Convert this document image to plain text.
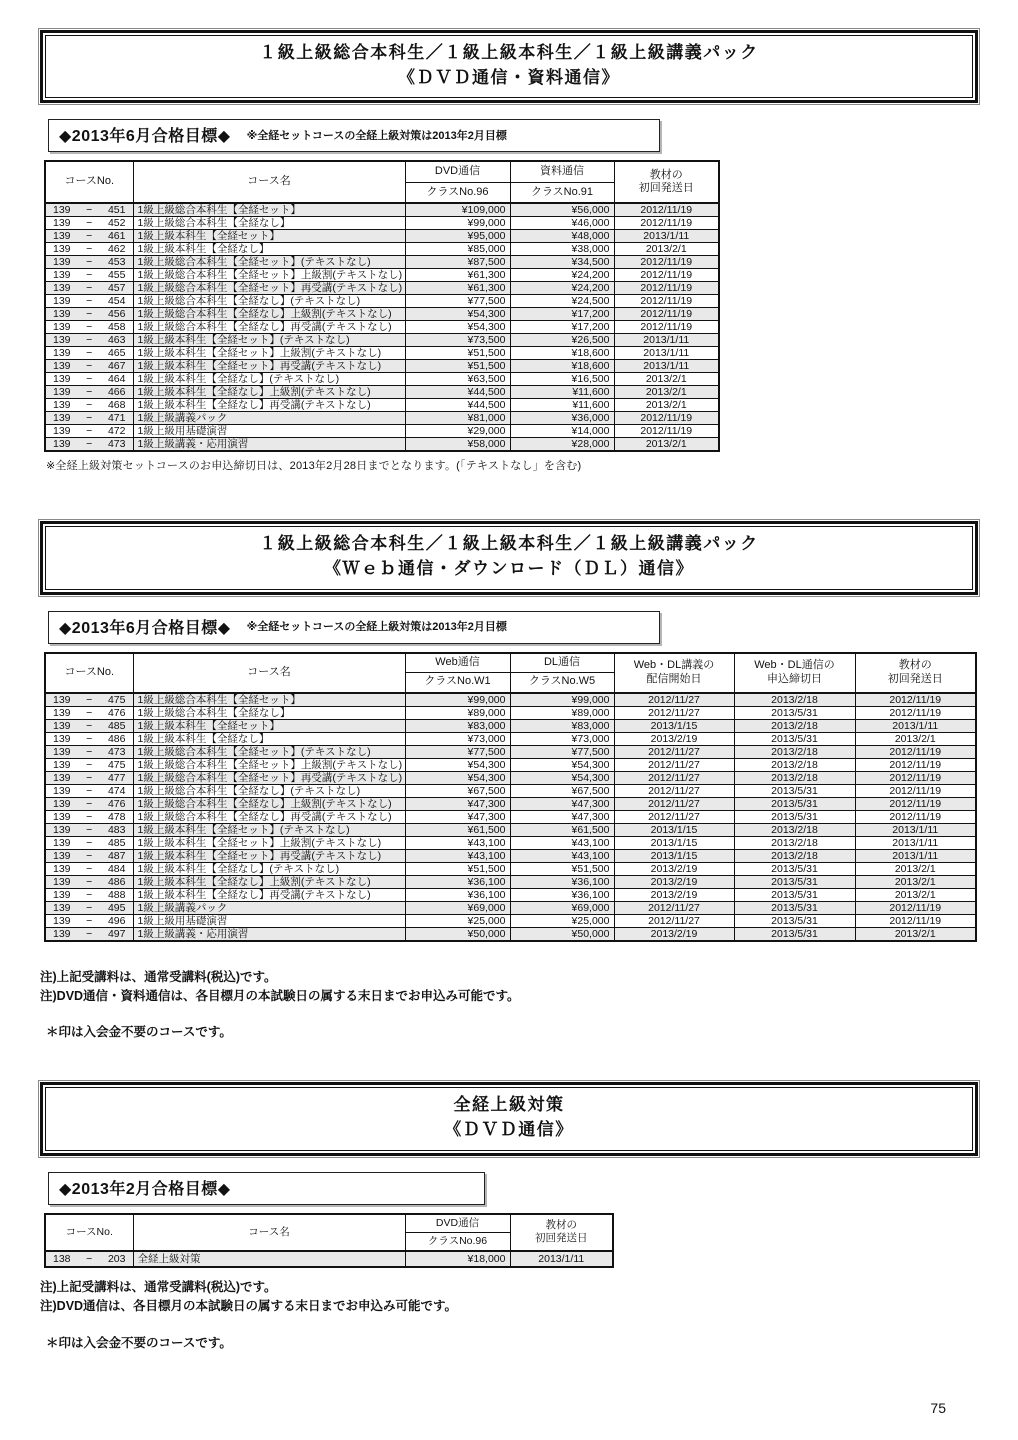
１級上級総合本科生／１級上級本科生／１級上級講義パック
《ＤＶＤ通信・資料通信》
◆2013年6月合格目標◆ ※全経セットコースの全経上級対策は2013年2月目標
コースNo.	コース名	DVD通信	資料通信	教材の
初回発送日
		クラスNo.96	クラスNo.91	

139 − 451	1級上級総合本科生【全経セット】	¥109,000	¥56,000	2012/11/19

139 − 452	1級上級総合本科生【全経なし】	¥99,000	¥46,000	2012/11/19

139 − 461	1級上級本科生【全経セット】	¥95,000	¥48,000	2013/1/11

139 − 462	1級上級本科生【全経なし】	¥85,000	¥38,000	2013/2/1

139 − 453	1級上級総合本科生【全経セット】(テキストなし)	¥87,500	¥34,500	2012/11/19

139 − 455	1級上級総合本科生【全経セット】上級割(テキストなし)	¥61,300	¥24,200	2012/11/19

139 − 457	1級上級総合本科生【全経セット】再受講(テキストなし)	¥61,300	¥24,200	2012/11/19

139 − 454	1級上級総合本科生【全経なし】(テキストなし)	¥77,500	¥24,500	2012/11/19

139 − 456	1級上級総合本科生【全経なし】上級割(テキストなし)	¥54,300	¥17,200	2012/11/19

139 − 458	1級上級総合本科生【全経なし】再受講(テキストなし)	¥54,300	¥17,200	2012/11/19

139 − 463	1級上級本科生【全経セット】(テキストなし)	¥73,500	¥26,500	2013/1/11

139 − 465	1級上級本科生【全経セット】上級割(テキストなし)	¥51,500	¥18,600	2013/1/11

139 − 467	1級上級本科生【全経セット】再受講(テキストなし)	¥51,500	¥18,600	2013/1/11

139 − 464	1級上級本科生【全経なし】(テキストなし)	¥63,500	¥16,500	2013/2/1

139 − 466	1級上級本科生【全経なし】上級割(テキストなし)	¥44,500	¥11,600	2013/2/1

139 − 468	1級上級本科生【全経なし】再受講(テキストなし)	¥44,500	¥11,600	2013/2/1

139 − 471	1級上級講義パック	¥81,000	¥36,000	2012/11/19

139 − 472	1級上級用基礎演習	¥29,000	¥14,000	2012/11/19

139 − 473	1級上級講義・応用演習	¥58,000	¥28,000	2013/2/1
※全経上級対策セットコースのお申込締切日は、2013年2月28日までとなります。(「テキストなし」を含む)
１級上級総合本科生／１級上級本科生／１級上級講義パック
《Ｗｅｂ通信・ダウンロード（ＤＬ）通信》
◆2013年6月合格目標◆ ※全経セットコースの全経上級対策は2013年2月目標
コースNo.	コース名	Web通信	DL通信	Web・DL講義の
配信開始日	Web・DL通信の
申込締切日	教材の
初回発送日
		クラスNo.W1	クラスNo.W5			

139 − 475	1級上級総合本科生【全経セット】	¥99,000	¥99,000	2012/11/27	2013/2/18	2012/11/19

139 − 476	1級上級総合本科生【全経なし】	¥89,000	¥89,000	2012/11/27	2013/5/31	2012/11/19

139 − 485	1級上級本科生【全経セット】	¥83,000	¥83,000	2013/1/15	2013/2/18	2013/1/11

139 − 486	1級上級本科生【全経なし】	¥73,000	¥73,000	2013/2/19	2013/5/31	2013/2/1

139 − 473	1級上級総合本科生【全経セット】(テキストなし)	¥77,500	¥77,500	2012/11/27	2013/2/18	2012/11/19

139 − 475	1級上級総合本科生【全経セット】上級割(テキストなし)	¥54,300	¥54,300	2012/11/27	2013/2/18	2012/11/19

139 − 477	1級上級総合本科生【全経セット】再受講(テキストなし)	¥54,300	¥54,300	2012/11/27	2013/2/18	2012/11/19

139 − 474	1級上級総合本科生【全経なし】(テキストなし)	¥67,500	¥67,500	2012/11/27	2013/5/31	2012/11/19

139 − 476	1級上級総合本科生【全経なし】上級割(テキストなし)	¥47,300	¥47,300	2012/11/27	2013/5/31	2012/11/19

139 − 478	1級上級総合本科生【全経なし】再受講(テキストなし)	¥47,300	¥47,300	2012/11/27	2013/5/31	2012/11/19

139 − 483	1級上級本科生【全経セット】(テキストなし)	¥61,500	¥61,500	2013/1/15	2013/2/18	2013/1/11

139 − 485	1級上級本科生【全経セット】上級割(テキストなし)	¥43,100	¥43,100	2013/1/15	2013/2/18	2013/1/11

139 − 487	1級上級本科生【全経セット】再受講(テキストなし)	¥43,100	¥43,100	2013/1/15	2013/2/18	2013/1/11

139 − 484	1級上級本科生【全経なし】(テキストなし)	¥51,500	¥51,500	2013/2/19	2013/5/31	2013/2/1

139 − 486	1級上級本科生【全経なし】上級割(テキストなし)	¥36,100	¥36,100	2013/2/19	2013/5/31	2013/2/1

139 − 488	1級上級本科生【全経なし】再受講(テキストなし)	¥36,100	¥36,100	2013/2/19	2013/5/31	2013/2/1

139 − 495	1級上級講義パック	¥69,000	¥69,000	2012/11/27	2013/5/31	2012/11/19

139 − 496	1級上級用基礎演習	¥25,000	¥25,000	2012/11/27	2013/5/31	2012/11/19

139 − 497	1級上級講義・応用演習	¥50,000	¥50,000	2013/2/19	2013/5/31	2013/2/1
注)上記受講料は、通常受講料(税込)です。
注)DVD通信・資料通信は、各目標月の本試験日の属する末日までお申込み可能です。
＊印は入会金不要のコースです。
全経上級対策
《ＤＶＤ通信》
◆2013年2月合格目標◆
コースNo.	コース名	DVD通信	教材の
初回発送日
		クラスNo.96	

138 − 203	全経上級対策	¥18,000	2013/1/11
注)上記受講料は、通常受講料(税込)です。
注)DVD通信は、各目標月の本試験日の属する末日までお申込み可能です。
＊印は入会金不要のコースです。
75
